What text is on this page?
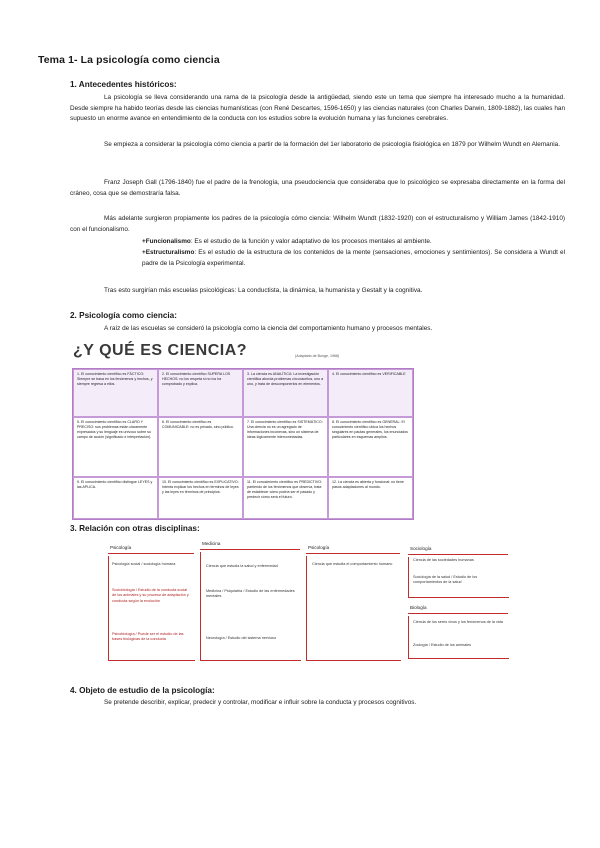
Tema 1- La psicología como ciencia
1. Antecedentes históricos:

La psicología se lleva considerando una rama de la psicología desde la antigüedad, siendo este un tema que siempre ha interesado mucho a la humanidad. Desde siempre ha habido teorías desde las ciencias humanísticas (con René Descartes, 1596-1650) y las ciencias naturales (con Charles Darwin, 1809-1882), las cuales han supuesto un enorme avance en entendimiento de la conducta con los estudios sobre la evolución humana y las funciones cerebrales.

Se empieza a considerar la psicología cómo ciencia a partir de la formación del 1er laboratorio de psicología fisiológica en 1879 por Wilhelm Wundt en Alemania.

Franz Joseph Gall (1796-1840) fue el padre de la frenología, una pseudociencia que consideraba que lo psicológico se expresaba directamente en la forma del cráneo, cosa que se demostraría falsa.

Más adelante surgieron propiamente los padres de la psicología cómo ciencia: Wilhelm Wundt (1832-1920) con el estructuralismo y William James (1842-1910) con el funcionalismo.

+Funcionalismo: Es el estudio de la función y valor adaptativo de los procesos mentales al ambiente.

+Estructuralismo: Es el estudio de la estructura de los contenidos de la mente (sensaciones, emociones y sentimientos). Se considera a Wundt el padre de la Psicología experimental.

Tras esto surgirían más escuelas psicológicas: La conductista, la dinámica, la humanista y Gestalt y la cognitiva.

2. Psicología como ciencia:

A raíz de las escuelas se consideró la psicología como la ciencia del comportamiento humano y procesos mentales.

¿Y QUÉ ES CIENCIA?	(Adaptado de Bunge, 1968)
1. El conocimiento científico es FÁCTICO: Siempre se basa en los fenómenos y hechos, y siempre regresa a ellos.
2. El conocimiento científico SUPERA LOS HECHOS: no los respeta si no los ha comprobado y explica.
3. La ciencia es ANALÍTICA: La investigación científica aborda problemas circunscritos, uno a uno, y trata de descomponerlos en elementos.
4. El conocimiento científico es VERIFICABLE
5. El conocimiento científico es CLARO Y PRECISO: sus problemas están claramente expresados y su lenguaje es unívoco sobre su campo de acción (significado e interpretación).
6. El conocimiento científico es COMUNICABLE: no es privado, sino público.
7. El conocimiento científico es SISTEMÁTICO: Una ciencia no es un agregado de informaciones inconexas, sino un sistema de ideas lógicamente interconectadas.
8. El conocimiento científico es GENERAL: El conocimiento científico ubica los hechos singulares en pautas generales, los enunciados particulares en esquemas amplios.
9. El conocimiento científico distingue LEYES y las APLICA.
10. El conocimiento científico es EXPLICATIVO: Intenta explicar los hechos en términos de leyes y las leyes en términos de principios.
11. El conocimiento científico es PREDICTIVO: partiendo de los fenómenos que observa, trata de establecer cómo podría ser el pasado y predecir cómo será el futuro.
12. La ciencia es abierta y funcional: no tiene pasos adaptaciones al mundo.
3. Relación con otras disciplinas:
Psicología
Psicología social / sociología humana
Sociobiología / Estudio de la conducta social de los animales y su proceso de adaptación y conducta según la evolución
Psicobiología / Puede ser el estudio de las bases biológicas de la conducta
Medicina
Ciencia que estudia la salud y enfermedad
Medicina / Psiquiatría / Estudio de las enfermedades mentales
Neurología / Estudio del sistema nervioso
Psicología
Ciencia que estudia el comportamiento humano
Sociología
Ciencia de las sociedades humanas
Sociología de la salud / Estudio de los comportamientos de la salud
Biología
Ciencia de los seres vivos y los fenómenos de la vida
Zoología / Estudio de los animales
4. Objeto de estudio de la psicología:

Se pretende describir, explicar, predecir y controlar, modificar e influir sobre la conducta y procesos cognitivos.
